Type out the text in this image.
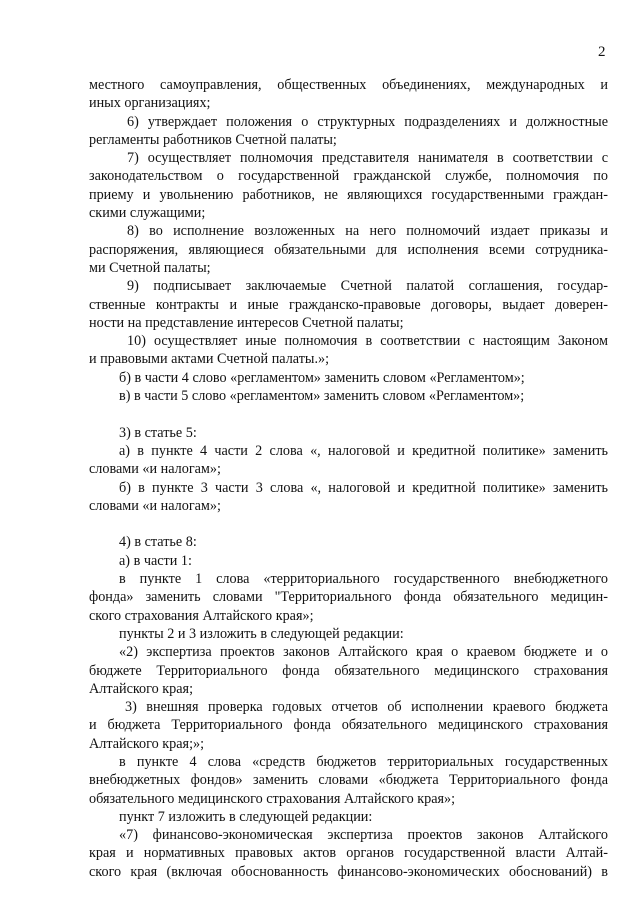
2
местного самоуправления, общественных объединениях, международных и
иных организациях;
6) утверждает положения о структурных подразделениях и должностные
регламенты работников Счетной палаты;
7) осуществляет полномочия представителя нанимателя в соответствии с
законодательством о государственной гражданской службе, полномочия по
приему и увольнению работников, не являющихся государственными граждан-
скими служащими;
8) во исполнение возложенных на него полномочий издает приказы и
распоряжения, являющиеся обязательными для исполнения всеми сотрудника-
ми Счетной палаты;
9) подписывает заключаемые Счетной палатой соглашения, государ-
ственные контракты и иные гражданско-правовые договоры, выдает доверен-
ности на представление интересов Счетной палаты;
10) осуществляет иные полномочия в соответствии с настоящим Законом
и правовыми актами Счетной палаты.»;
б) в части 4 слово «регламентом» заменить словом «Регламентом»;
в) в части 5 слово «регламентом» заменить словом «Регламентом»;
3) в статье 5:
а) в пункте 4 части 2 слова «, налоговой и кредитной политике» заменить
словами «и налогам»;
б) в пункте 3 части 3 слова «, налоговой и кредитной политике» заменить
словами «и налогам»;
4) в статье 8:
а) в части 1:
в пункте 1 слова «территориального государственного внебюджетного
фонда» заменить словами "Территориального фонда обязательного медицин-
ского страхования Алтайского края»;
пункты 2 и 3 изложить в следующей редакции:
«2) экспертиза проектов законов Алтайского края о краевом бюджете и о
бюджете Территориального фонда обязательного медицинского страхования
Алтайского края;
3) внешняя проверка годовых отчетов об исполнении краевого бюджета
и бюджета Территориального фонда обязательного медицинского страхования
Алтайского края;»;
в пункте 4 слова «средств бюджетов территориальных государственных
внебюджетных фондов» заменить словами «бюджета Территориального фонда
обязательного медицинского страхования Алтайского края»;
пункт 7 изложить в следующей редакции:
«7) финансово-экономическая экспертиза проектов законов Алтайского
края и нормативных правовых актов органов государственной власти Алтай-
ского края (включая обоснованность финансово-экономических обоснований) в
